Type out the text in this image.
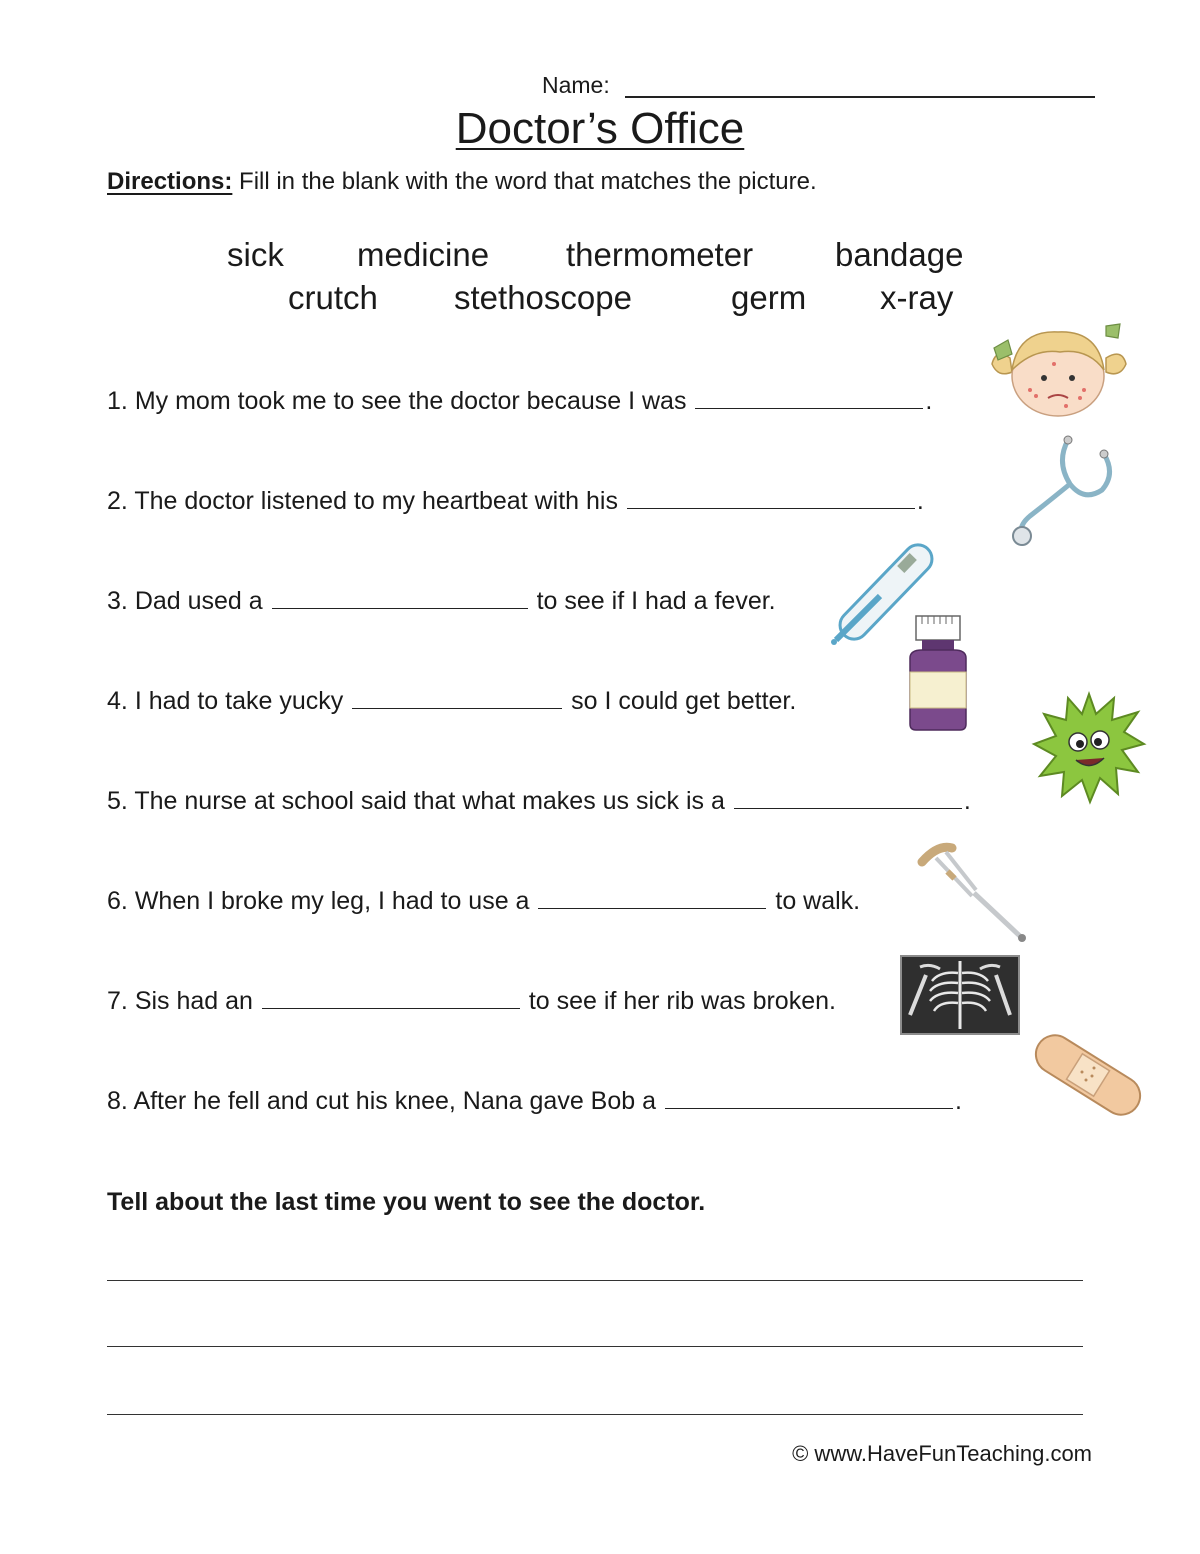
Name:
Doctor’s Office
Directions: Fill in the blank with the word that matches the picture.
sick medicine thermometer bandage
crutch stethoscope	germ x-ray
1. My mom took me to see the doctor because I was	.
2. The doctor listened to my heartbeat with his	.
3. Dad used a	to see if I had a fever.
4. I had to take yucky	so I could get better.
5. The nurse at school said that what makes us sick is a	.
6. When I broke my leg, I had to use a	to walk.
7. Sis had an	to see if her rib was broken.
8. After he fell and cut his knee, Nana gave Bob a	.
Tell about the last time you went to see the doctor.
© www.HaveFunTeaching.com
